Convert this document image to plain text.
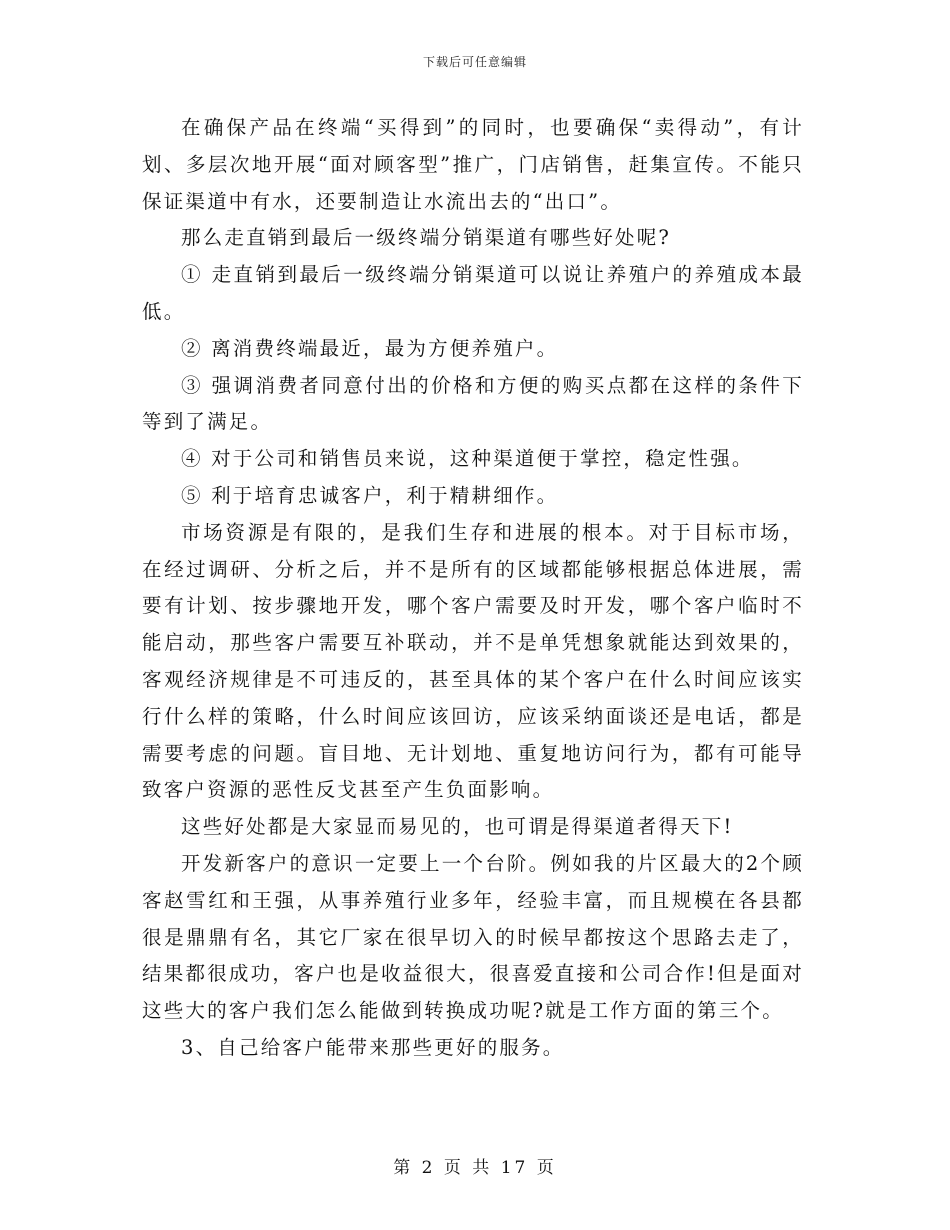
下载后可任意编辑

在确保产品在终端“买得到”的同时，也要确保“卖得动”，有计划、多层次地开展“面对顾客型”推广，门店销售，赶集宣传。不能只保证渠道中有水，还要制造让水流出去的“出口”。

那么走直销到最后一级终端分销渠道有哪些好处呢?

① 走直销到最后一级终端分销渠道可以说让养殖户的养殖成本最低。

② 离消费终端最近，最为方便养殖户。

③ 强调消费者同意付出的价格和方便的购买点都在这样的条件下等到了满足。

④ 对于公司和销售员来说，这种渠道便于掌控，稳定性强。

⑤ 利于培育忠诚客户，利于精耕细作。

市场资源是有限的，是我们生存和进展的根本。对于目标市场，在经过调研、分析之后，并不是所有的区域都能够根据总体进展，需要有计划、按步骤地开发，哪个客户需要及时开发，哪个客户临时不能启动，那些客户需要互补联动，并不是单凭想象就能达到效果的，客观经济规律是不可违反的，甚至具体的某个客户在什么时间应该实行什么样的策略，什么时间应该回访，应该采纳面谈还是电话，都是需要考虑的问题。盲目地、无计划地、重复地访问行为，都有可能导致客户资源的恶性反戈甚至产生负面影响。

这些好处都是大家显而易见的，也可谓是得渠道者得天下!

开发新客户的意识一定要上一个台阶。例如我的片区最大的2个顾客赵雪红和王强，从事养殖行业多年，经验丰富，而且规模在各县都很是鼎鼎有名，其它厂家在很早切入的时候早都按这个思路去走了，结果都很成功，客户也是收益很大，很喜爱直接和公司合作!但是面对这些大的客户我们怎么能做到转换成功呢?就是工作方面的第三个。

3、自己给客户能带来那些更好的服务。

第 2 页 共 17 页
